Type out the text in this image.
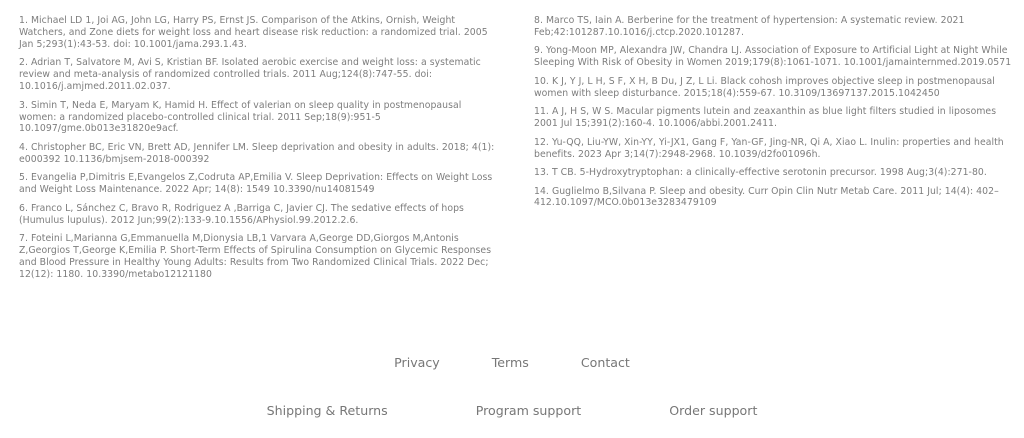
1. Michael LD 1, Joi AG, John LG, Harry PS, Ernst JS. Comparison of the Atkins, Ornish, Weight Watchers, and Zone diets for weight loss and heart disease risk reduction: a randomized trial. 2005 Jan 5;293(1):43-53. doi: 10.1001/jama.293.1.43.

2. Adrian T, Salvatore M, Avi S, Kristian BF. Isolated aerobic exercise and weight loss: a systematic review and meta-analysis of randomized controlled trials. 2011 Aug;124(8):747-55. doi: 10.1016/j.amjmed.2011.02.037.

3. Simin T, Neda E, Maryam K, Hamid H. Effect of valerian on sleep quality in postmenopausal women: a randomized placebo-controlled clinical trial. 2011 Sep;18(9):951-5 10.1097/gme.0b013e31820e9acf.

4. Christopher BC, Eric VN, Brett AD, Jennifer LM. Sleep deprivation and obesity in adults. 2018; 4(1): e000392 10.1136/bmjsem-2018-000392

5. Evangelia P,Dimitris E,Evangelos Z,Codruta AP,Emilia V. Sleep Deprivation: Effects on Weight Loss and Weight Loss Maintenance. 2022 Apr; 14(8): 1549 10.3390/nu14081549

6. Franco L, Sánchez C, Bravo R, Rodriguez A ,Barriga C, Javier CJ. The sedative effects of hops (Humulus lupulus). 2012 Jun;99(2):133-9.10.1556/APhysiol.99.2012.2.6.

7. Foteini L,Marianna G,Emmanuella M,Dionysia LB,1 Varvara A,George DD,Giorgos M,Antonis Z,Georgios T,George K,Emilia P. Short-Term Effects of Spirulina Consumption on Glycemic Responses and Blood Pressure in Healthy Young Adults: Results from Two Randomized Clinical Trials. 2022 Dec; 12(12): 1180. 10.3390/metabo12121180

8. Marco TS, Iain A. Berberine for the treatment of hypertension: A systematic review. 2021 Feb;42:101287.10.1016/j.ctcp.2020.101287.

9. Yong-Moon MP, Alexandra JW, Chandra LJ. Association of Exposure to Artificial Light at Night While Sleeping With Risk of Obesity in Women 2019;179(8):1061-1071. 10.1001/jamainternmed.2019.0571

10. K J, Y J, L H, S F, X H, B Du, J Z, L Li. Black cohosh improves objective sleep in postmenopausal women with sleep disturbance. 2015;18(4):559-67. 10.3109/13697137.2015.1042450

11. A J, H S, W S. Macular pigments lutein and zeaxanthin as blue light filters studied in liposomes 2001 Jul 15;391(2):160-4. 10.1006/abbi.2001.2411.

12. Yu-QQ, Liu-YW, Xin-YY, Yi-JX1, Gang F, Yan-GF, Jing-NR, Qi A, Xiao L. Inulin: properties and health benefits. 2023 Apr 3;14(7):2948-2968. 10.1039/d2fo01096h.

13. T CB. 5-Hydroxytryptophan: a clinically-effective serotonin precursor. 1998 Aug;3(4):271-80.

14. Guglielmo B,Silvana P. Sleep and obesity. Curr Opin Clin Nutr Metab Care. 2011 Jul; 14(4): 402–412.10.1097/MCO.0b013e3283479109

Privacy	Terms	Contact
Shipping & Returns	Program support	Order support
